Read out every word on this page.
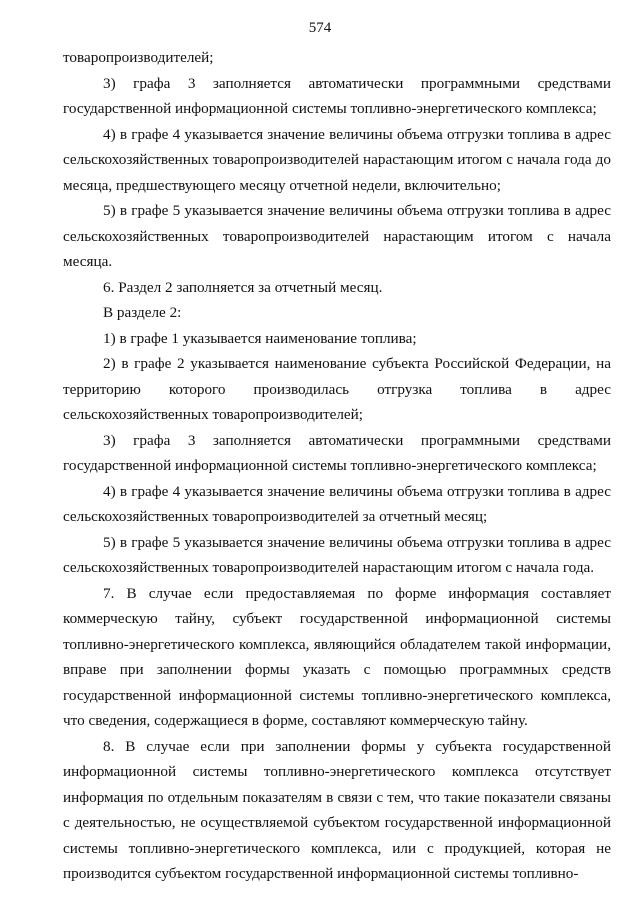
574

товаропроизводителей;

3) графа 3 заполняется автоматически программными средствами государственной информационной системы топливно-энергетического комплекса;

4) в графе 4 указывается значение величины объема отгрузки топлива в адрес сельскохозяйственных товаропроизводителей нарастающим итогом с начала года до месяца, предшествующего месяцу отчетной недели, включительно;

5) в графе 5 указывается значение величины объема отгрузки топлива в адрес сельскохозяйственных товаропроизводителей нарастающим итогом с начала месяца.

6. Раздел 2 заполняется за отчетный месяц.

В разделе 2:

1) в графе 1 указывается наименование топлива;

2) в графе 2 указывается наименование субъекта Российской Федерации, на территорию которого производилась отгрузка топлива в адрес сельскохозяйственных товаропроизводителей;

3) графа 3 заполняется автоматически программными средствами государственной информационной системы топливно-энергетического комплекса;

4) в графе 4 указывается значение величины объема отгрузки топлива в адрес сельскохозяйственных товаропроизводителей за отчетный месяц;

5) в графе 5 указывается значение величины объема отгрузки топлива в адрес сельскохозяйственных товаропроизводителей нарастающим итогом с начала года.

7. В случае если предоставляемая по форме информация составляет коммерческую тайну, субъект государственной информационной системы топливно-энергетического комплекса, являющийся обладателем такой информации, вправе при заполнении формы указать с помощью программных средств государственной информационной системы топливно-энергетического комплекса, что сведения, содержащиеся в форме, составляют коммерческую тайну.

8. В случае если при заполнении формы у субъекта государственной информационной системы топливно-энергетического комплекса отсутствует информация по отдельным показателям в связи с тем, что такие показатели связаны с деятельностью, не осуществляемой субъектом государственной информационной системы топливно-энергетического комплекса, или с продукцией, которая не производится субъектом государственной информационной системы топливно-
